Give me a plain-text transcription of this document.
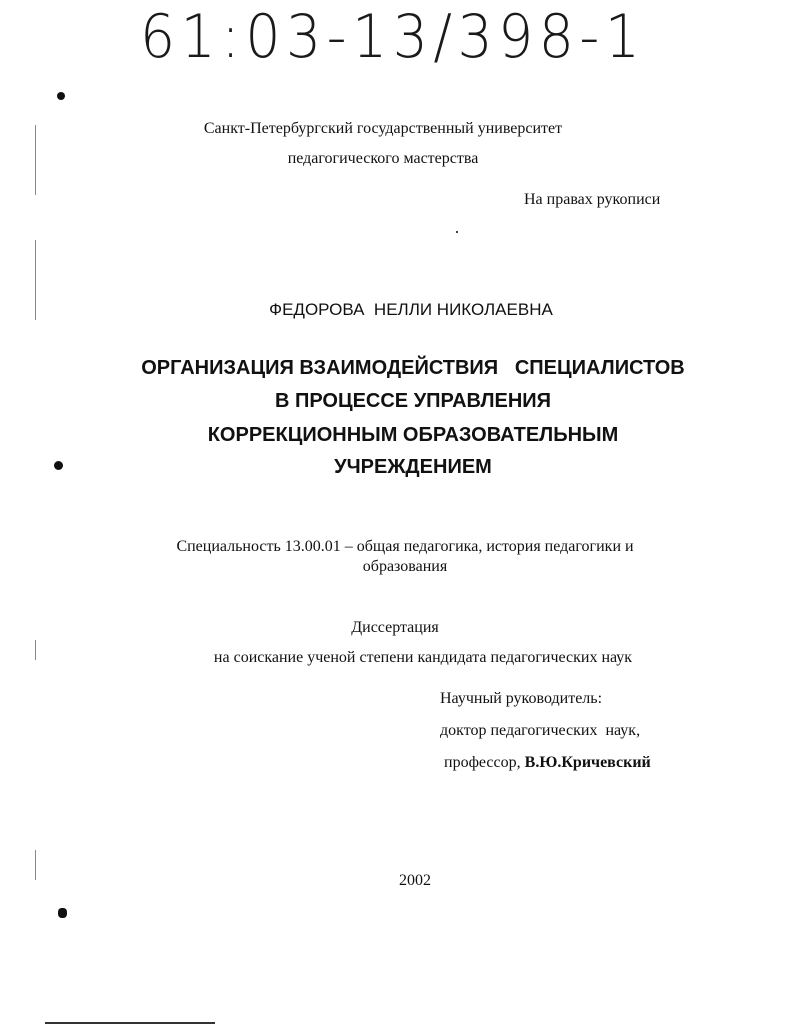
61:03-13/398-1
Санкт-Петербургский государственный университет
педагогического мастерства
На правах рукописи
ФЕДОРОВА  НЕЛЛИ НИКОЛАЕВНА
ОРГАНИЗАЦИЯ ВЗАИМОДЕЙСТВИЯ   СПЕЦИАЛИСТОВ
В ПРОЦЕССЕ УПРАВЛЕНИЯ
КОРРЕКЦИОННЫМ ОБРАЗОВАТЕЛЬНЫМ
УЧРЕЖДЕНИЕМ
Специальность 13.00.01 – общая педагогика, история педагогики и
образования
Диссертация
на соискание ученой степени кандидата педагогических наук
Научный руководитель:
доктор педагогических  наук,
профессор, В.Ю.Кричевский
2002
